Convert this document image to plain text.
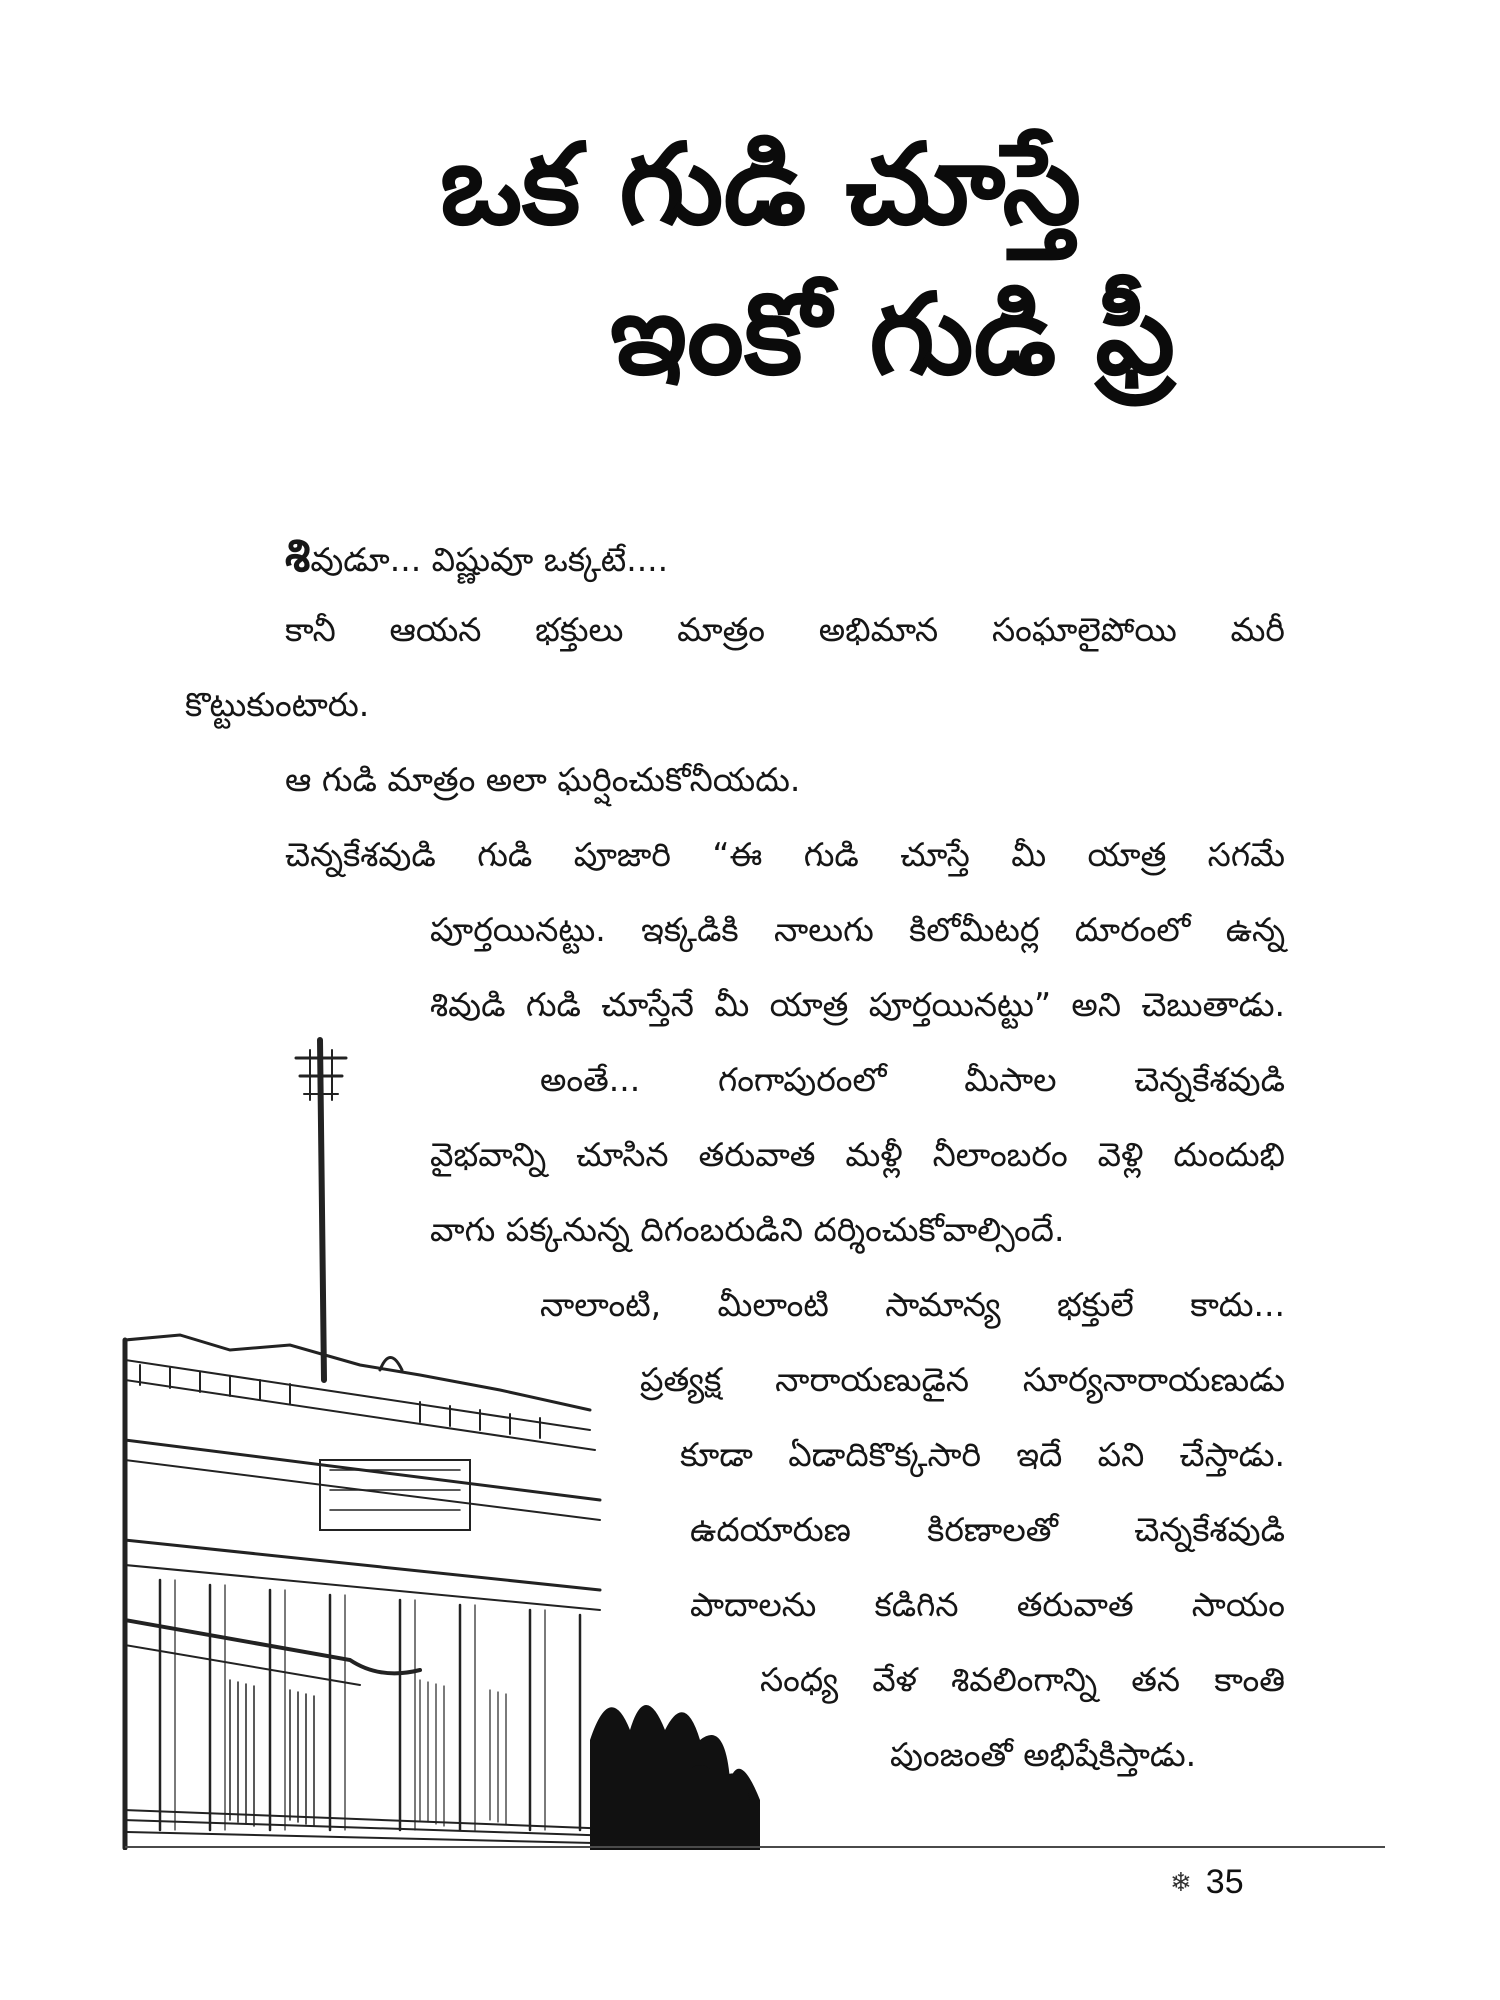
ఒక గుడి చూస్తే
ఇంకో గుడి ఫ్రీ
శివుడూ... విష్ణువూ ఒక్కటే....
కానీ ఆయన భక్తులు మాత్రం అభిమాన సంఘాలైపోయి మరీ
కొట్టుకుంటారు.
ఆ గుడి మాత్రం అలా ఘర్షించుకోనీయదు.
చెన్నకేశవుడి గుడి పూజారి “ఈ గుడి చూస్తే మీ యాత్ర సగమే
పూర్తయినట్టు. ఇక్కడికి నాలుగు కిలోమీటర్ల దూరంలో ఉన్న
శివుడి గుడి చూస్తేనే మీ యాత్ర పూర్తయినట్టు” అని చెబుతాడు.
అంతే... గంగాపురంలో మీసాల చెన్నకేశవుడి
వైభవాన్ని చూసిన తరువాత మళ్లీ నీలాంబరం వెళ్లి దుందుభి
వాగు పక్కనున్న దిగంబరుడిని దర్శించుకోవాల్సిందే.
నాలాంటి, మీలాంటి సామాన్య భక్తులే కాదు...
ప్రత్యక్ష నారాయణుడైన సూర్యనారాయణుడు
కూడా ఏడాదికొక్కసారి ఇదే పని చేస్తాడు.
ఉదయారుణ కిరణాలతో చెన్నకేశవుడి
పాదాలను కడిగిన తరువాత సాయం
సంధ్య వేళ శివలింగాన్ని తన కాంతి
పుంజంతో అభిషేకిస్తాడు.
❄ 35
